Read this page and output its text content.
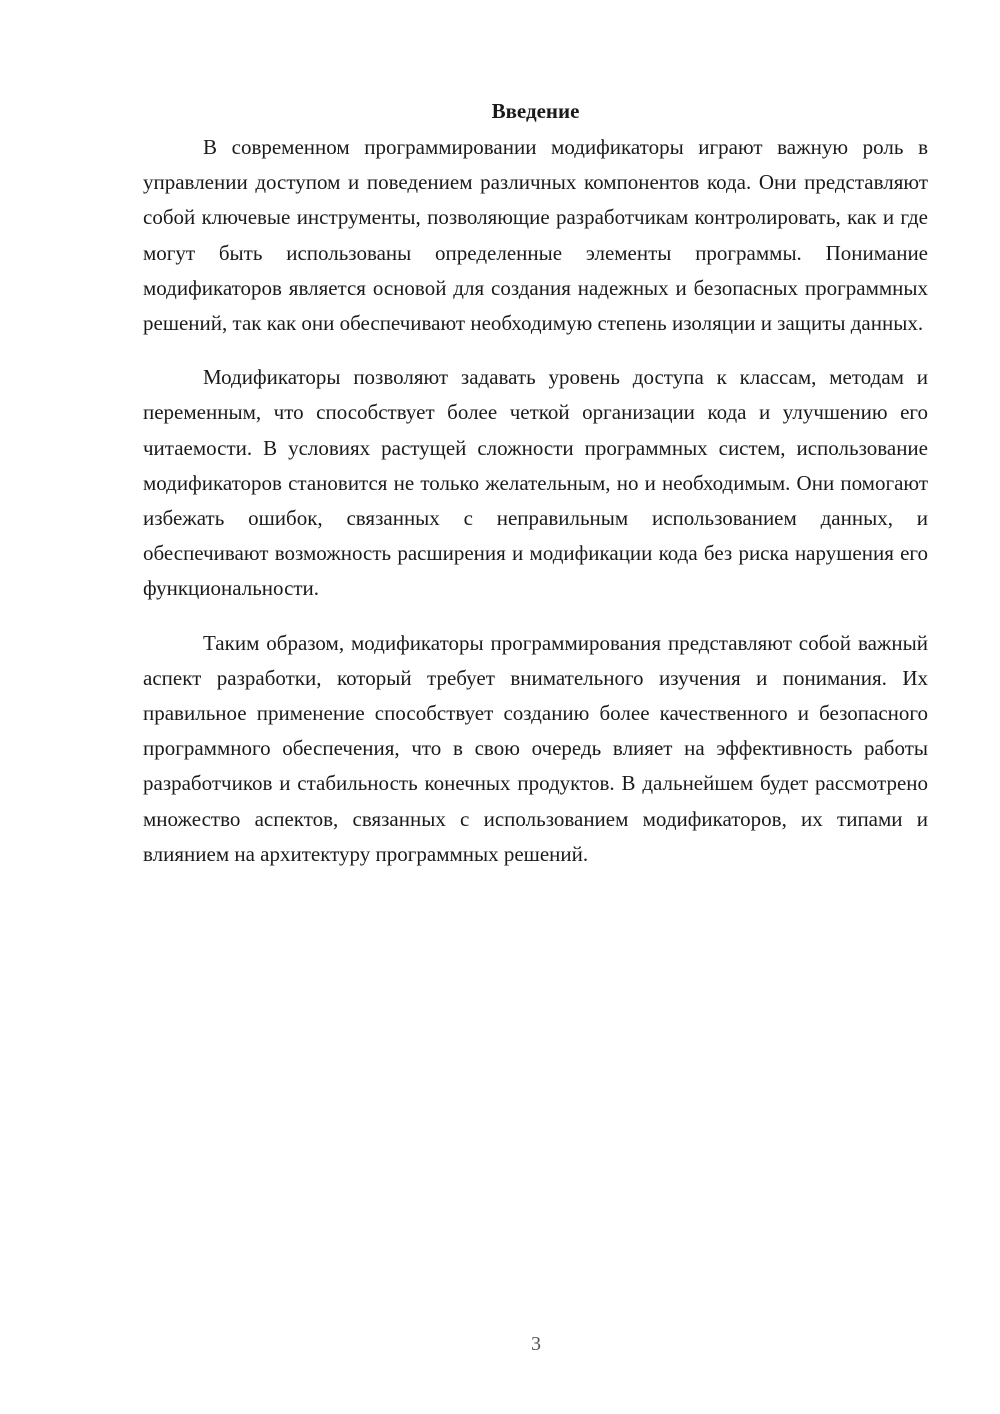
Введение

В современном программировании модификаторы играют важную роль в управлении доступом и поведением различных компонентов кода. Они представляют собой ключевые инструменты, позволяющие разработчикам контролировать, как и где могут быть использованы определенные элементы программы. Понимание модификаторов является основой для создания надежных и безопасных программных решений, так как они обеспечивают необходимую степень изоляции и защиты данных.

Модификаторы позволяют задавать уровень доступа к классам, методам и переменным, что способствует более четкой организации кода и улучшению его читаемости. В условиях растущей сложности программных систем, использование модификаторов становится не только желательным, но и необходимым. Они помогают избежать ошибок, связанных с неправильным использованием данных, и обеспечивают возможность расширения и модификации кода без риска нарушения его функциональности.

Таким образом, модификаторы программирования представляют собой важный аспект разработки, который требует внимательного изучения и понимания. Их правильное применение способствует созданию более качественного и безопасного программного обеспечения, что в свою очередь влияет на эффективность работы разработчиков и стабильность конечных продуктов. В дальнейшем будет рассмотрено множество аспектов, связанных с использованием модификаторов, их типами и влиянием на архитектуру программных решений.

3
